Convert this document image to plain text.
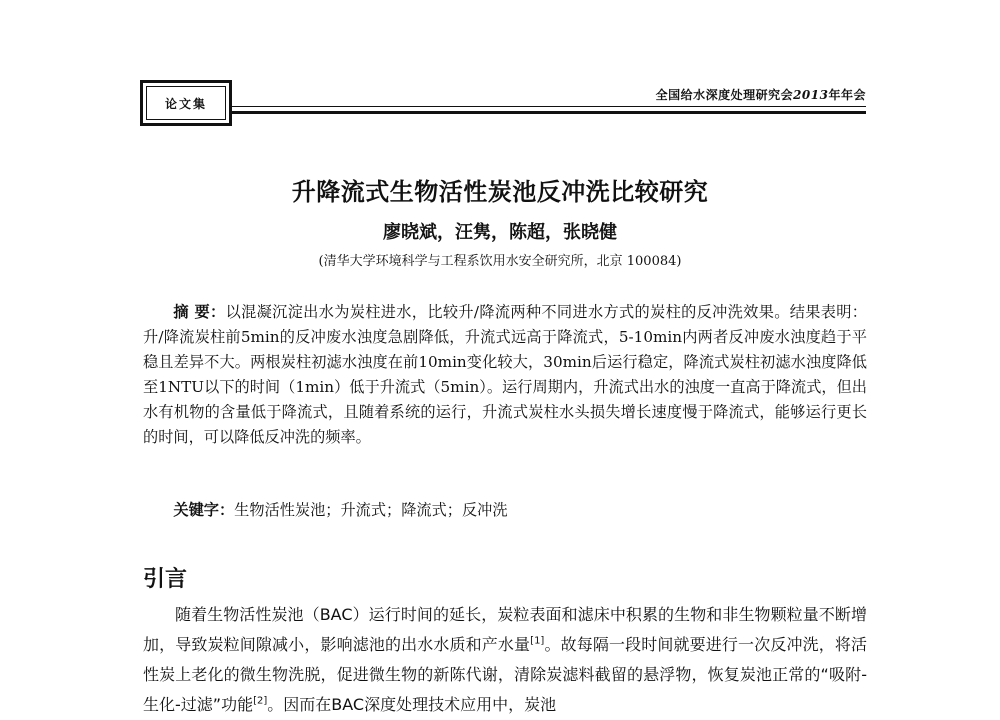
论文集
全国给水深度处理研究会2013年年会
升降流式生物活性炭池反冲洗比较研究
廖晓斌，汪隽，陈超，张晓健
(清华大学环境科学与工程系饮用水安全研究所，北京 100084)
摘 要：以混凝沉淀出水为炭柱进水，比较升/降流两种不同进水方式的炭柱的反冲洗效果。结果表明：升/降流炭柱前5min的反冲废水浊度急剧降低，升流式远高于降流式，5-10min内两者反冲废水浊度趋于平稳且差异不大。两根炭柱初滤水浊度在前10min变化较大，30min后运行稳定，降流式炭柱初滤水浊度降低至1NTU以下的时间（1min）低于升流式（5min）。运行周期内，升流式出水的浊度一直高于降流式，但出水有机物的含量低于降流式，且随着系统的运行，升流式炭柱水头损失增长速度慢于降流式，能够运行更长的时间，可以降低反冲洗的频率。
关键字：生物活性炭池；升流式；降流式；反冲洗
引言
随着生物活性炭池（BAC）运行时间的延长，炭粒表面和滤床中积累的生物和非生物颗粒量不断增加，导致炭粒间隙减小，影响滤池的出水水质和产水量[1]。故每隔一段时间就要进行一次反冲洗，将活性炭上老化的微生物洗脱，促进微生物的新陈代谢，清除炭滤料截留的悬浮物，恢复炭池正常的“吸附-生化-过滤”功能[2]。因而在BAC深度处理技术应用中，炭池
